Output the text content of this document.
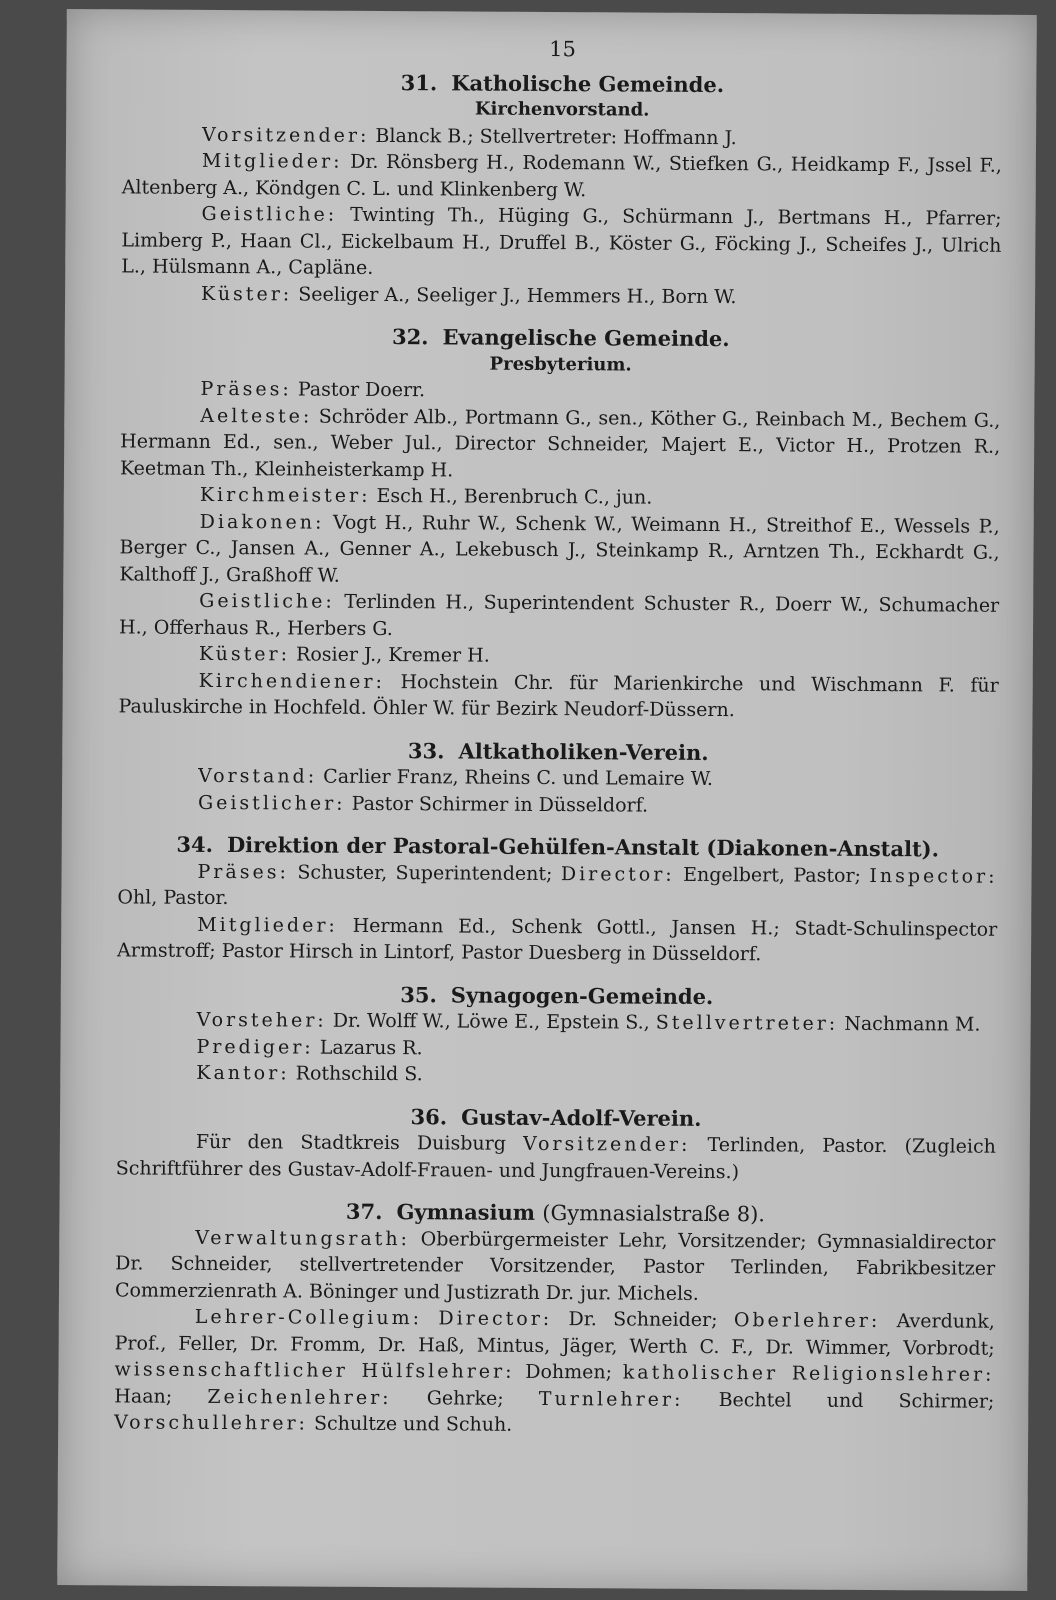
15
31. Katholische Gemeinde.
Kirchenvorstand.

Vorsitzender: Blanck B.; Stellvertreter: Hoffmann J.

Mitglieder: Dr. Rönsberg H., Rodemann W., Stiefken G., Heidkamp F., Jssel F., Altenberg A., Köndgen C. L. und Klinkenberg W.

Geistliche: Twinting Th., Hüging G., Schürmann J., Bertmans H., Pfarrer; Limberg P., Haan Cl., Eickelbaum H., Druffel B., Köster G., Föcking J., Scheifes J., Ulrich L., Hülsmann A., Capläne.

Küster: Seeliger A., Seeliger J., Hemmers H., Born W.

32. Evangelische Gemeinde.
Presbyterium.

Präses: Pastor Doerr.

Aelteste: Schröder Alb., Portmann G., sen., Köther G., Reinbach M., Bechem G., Hermann Ed., sen., Weber Jul., Director Schneider, Majert E., Victor H., Protzen R., Keetman Th., Kleinheisterkamp H.

Kirchmeister: Esch H., Berenbruch C., jun.

Diakonen: Vogt H., Ruhr W., Schenk W., Weimann H., Streithof E., Wessels P., Berger C., Jansen A., Genner A., Lekebusch J., Steinkamp R., Arntzen Th., Eckhardt G., Kalthoff J., Graßhoff W.

Geistliche: Terlinden H., Superintendent Schuster R., Doerr W., Schumacher H., Offerhaus R., Herbers G.

Küster: Rosier J., Kremer H.

Kirchendiener: Hochstein Chr. für Marienkirche und Wischmann F. für Pauluskirche in Hochfeld. Öhler W. für Bezirk Neudorf-Düssern.

33. Altkatholiken-Verein.

Vorstand: Carlier Franz, Rheins C. und Lemaire W.

Geistlicher: Pastor Schirmer in Düsseldorf.

34. Direktion der Pastoral-Gehülfen-Anstalt (Diakonen-Anstalt).

Präses: Schuster, Superintendent; Director: Engelbert, Pastor; Inspector: Ohl, Pastor.

Mitglieder: Hermann Ed., Schenk Gottl., Jansen H.; Stadt-Schulinspector Armstroff; Pastor Hirsch in Lintorf, Pastor Duesberg in Düsseldorf.

35. Synagogen-Gemeinde.

Vorsteher: Dr. Wolff W., Löwe E., Epstein S., Stellvertreter: Nachmann M.

Prediger: Lazarus R.

Kantor: Rothschild S.

36. Gustav-Adolf-Verein.

Für den Stadtkreis Duisburg Vorsitzender: Terlinden, Pastor. (Zugleich Schriftführer des Gustav-Adolf-Frauen- und Jungfrauen-Vereins.)

37. Gymnasium (Gymnasialstraße 8).

Verwaltungsrath: Oberbürgermeister Lehr, Vorsitzender; Gymnasialdirector Dr. Schneider, stellvertretender Vorsitzender, Pastor Terlinden, Fabrikbesitzer Commerzienrath A. Böninger und Justizrath Dr. jur. Michels.

Lehrer-Collegium: Director: Dr. Schneider; Oberlehrer: Averdunk, Prof., Feller, Dr. Fromm, Dr. Haß, Mintus, Jäger, Werth C. F., Dr. Wimmer, Vorbrodt; wissenschaftlicher Hülfslehrer: Dohmen; katholischer Religionslehrer: Haan; Zeichenlehrer: Gehrke; Turnlehrer: Bechtel und Schirmer; Vorschullehrer: Schultze und Schuh.
